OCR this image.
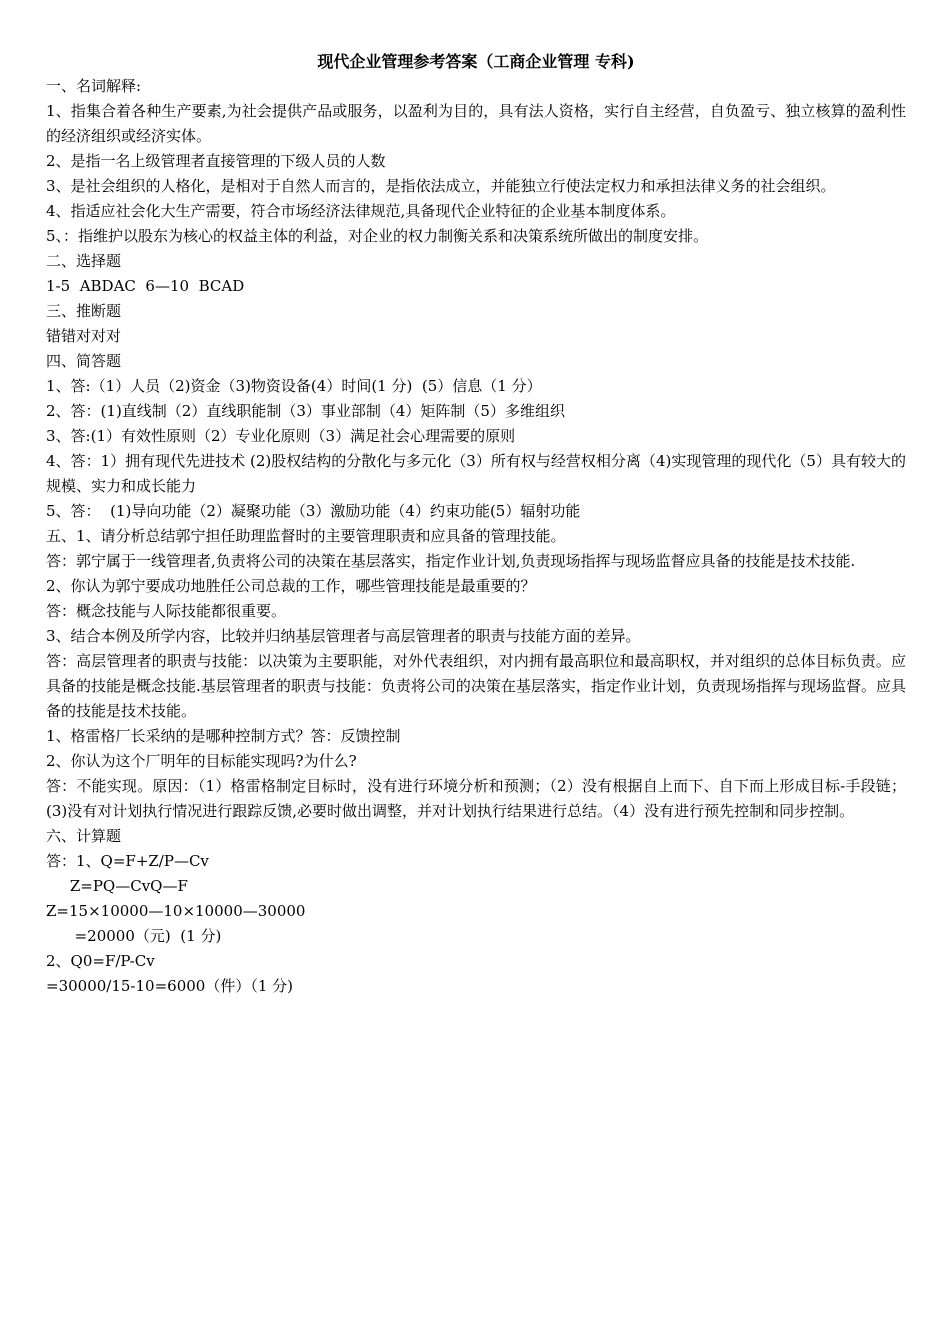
现代企业管理参考答案（工商企业管理 专科)

一、名词解释:

1、指集合着各种生产要素,为社会提供产品或服务，以盈利为目的，具有法人资格，实行自主经营，自负盈亏、独立核算的盈利性的经济组织或经济实体。

2、是指一名上级管理者直接管理的下级人员的人数

3、是社会组织的人格化，是相对于自然人而言的，是指依法成立，并能独立行使法定权力和承担法律义务的社会组织。

4、指适应社会化大生产需要，符合市场经济法律规范,具备现代企业特征的企业基本制度体系。

5、：指维护以股东为核心的权益主体的利益，对企业的权力制衡关系和决策系统所做出的制度安排。

二、选择题

1-5  ABDAC  6—10  BCAD

三、推断题

错错对对对

四、简答题

1、答:（1）人员（2)资金（3)物资设备(4）时间(1 分)  (5）信息（1 分）

2、答：(1)直线制（2）直线职能制（3）事业部制（4）矩阵制（5）多维组织

3、答:(1）有效性原则（2）专业化原则（3）满足社会心理需要的原则

4、答：1）拥有现代先进技术 (2)股权结构的分散化与多元化（3）所有权与经营权相分离（4)实现管理的现代化（5）具有较大的规模、实力和成长能力

5、答：  (1)导向功能（2）凝聚功能（3）激励功能（4）约束功能(5）辐射功能

五、1、请分析总结郭宁担任助理监督时的主要管理职责和应具备的管理技能。

答：郭宁属于一线管理者,负责将公司的决策在基层落实，指定作业计划,负责现场指挥与现场监督应具备的技能是技术技能.

2、你认为郭宁要成功地胜任公司总裁的工作，哪些管理技能是最重要的？

答：概念技能与人际技能都很重要。

3、结合本例及所学内容，比较并归纳基层管理者与高层管理者的职责与技能方面的差异。

答：高层管理者的职责与技能：以决策为主要职能，对外代表组织，对内拥有最高职位和最高职权，并对组织的总体目标负责。应具备的技能是概念技能.基层管理者的职责与技能：负责将公司的决策在基层落实，指定作业计划，负责现场指挥与现场监督。应具备的技能是技术技能。

1、格雷格厂长采纳的是哪种控制方式？答：反馈控制

2、你认为这个厂明年的目标能实现吗?为什么?

答：不能实现。原因：（1）格雷格制定目标时，没有进行环境分析和预测；（2）没有根据自上而下、自下而上形成目标-手段链；(3)没有对计划执行情况进行跟踪反馈,必要时做出调整，并对计划执行结果进行总结。（4）没有进行预先控制和同步控制。

六、计算题

答：1、Q=F+Z/P—Cv

Z=PQ—CvQ—F

Z=15×10000—10×10000—30000

=20000（元)  (1 分)

2、Q0=F/P-Cv

=30000/15-10=6000（件）（1 分)
